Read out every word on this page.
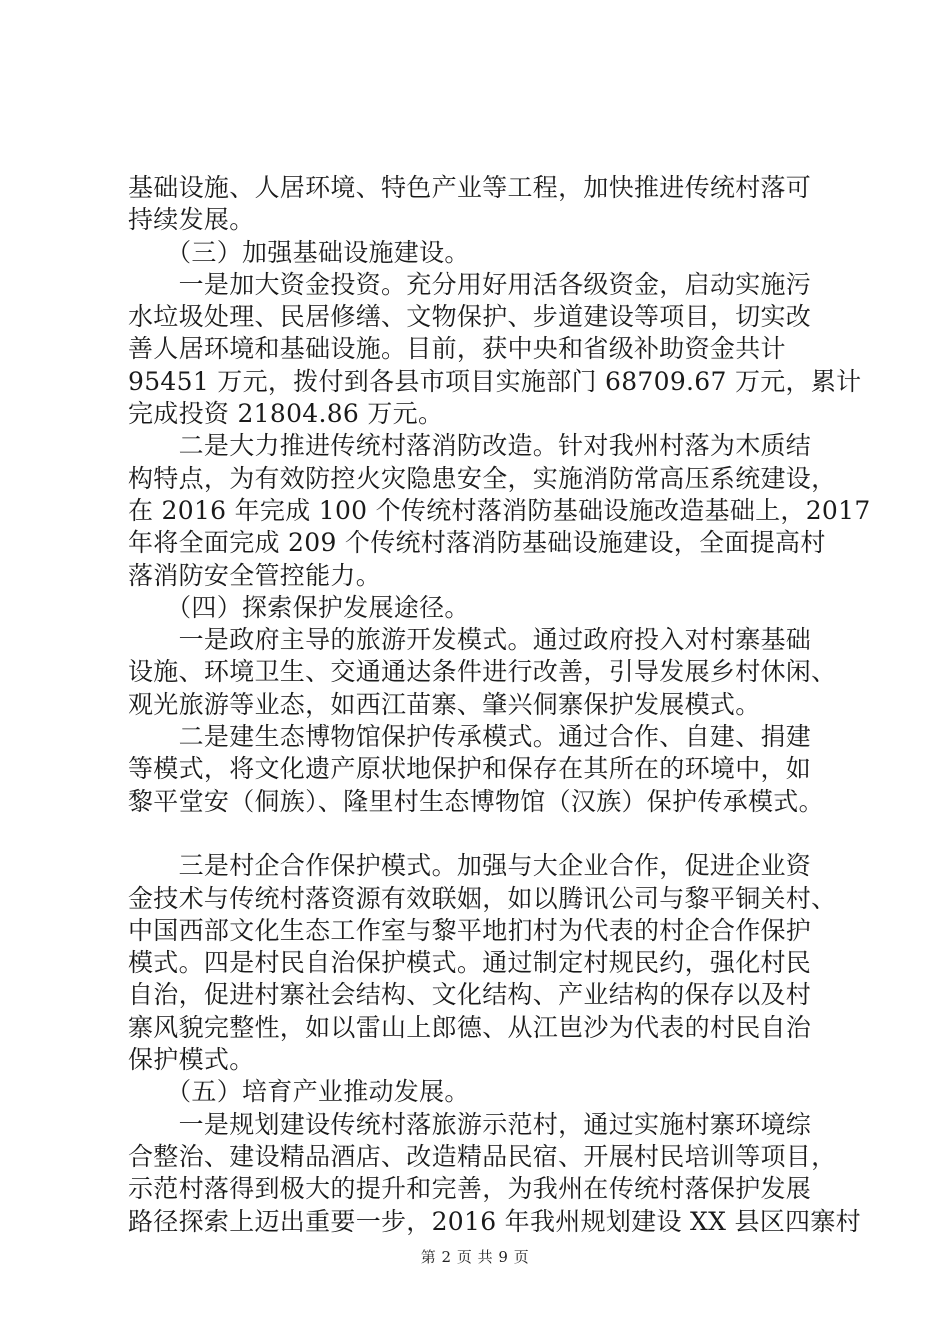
基础设施、人居环境、特色产业等工程，加快推进传统村落可
持续发展。
　　（三）加强基础设施建设。
　　一是加大资金投资。充分用好用活各级资金，启动实施污
水垃圾处理、民居修缮、文物保护、步道建设等项目，切实改
善人居环境和基础设施。目前，获中央和省级补助资金共计
95451 万元，拨付到各县市项目实施部门 68709.67 万元，累计
完成投资 21804.86 万元。
　　二是大力推进传统村落消防改造。针对我州村落为木质结
构特点，为有效防控火灾隐患安全，实施消防常高压系统建设，
在 2016 年完成 100 个传统村落消防基础设施改造基础上，2017
年将全面完成 209 个传统村落消防基础设施建设，全面提高村
落消防安全管控能力。
　　（四）探索保护发展途径。
　　一是政府主导的旅游开发模式。通过政府投入对村寨基础
设施、环境卫生、交通通达条件进行改善，引导发展乡村休闲、
观光旅游等业态，如西江苗寨、肇兴侗寨保护发展模式。
　　二是建生态博物馆保护传承模式。通过合作、自建、捐建
等模式，将文化遗产原状地保护和保存在其所在的环境中，如
黎平堂安（侗族）、隆里村生态博物馆（汉族）保护传承模式。
　　三是村企合作保护模式。加强与大企业合作，促进企业资
金技术与传统村落资源有效联姻，如以腾讯公司与黎平铜关村、
中国西部文化生态工作室与黎平地扪村为代表的村企合作保护
模式。四是村民自治保护模式。通过制定村规民约，强化村民
自治，促进村寨社会结构、文化结构、产业结构的保存以及村
寨风貌完整性，如以雷山上郎德、从江岜沙为代表的村民自治
保护模式。
　　（五）培育产业推动发展。
　　一是规划建设传统村落旅游示范村，通过实施村寨环境综
合整治、建设精品酒店、改造精品民宿、开展村民培训等项目，
示范村落得到极大的提升和完善，为我州在传统村落保护发展
路径探索上迈出重要一步，2016 年我州规划建设 XX 县区四寨村
第 2 页 共 9 页
